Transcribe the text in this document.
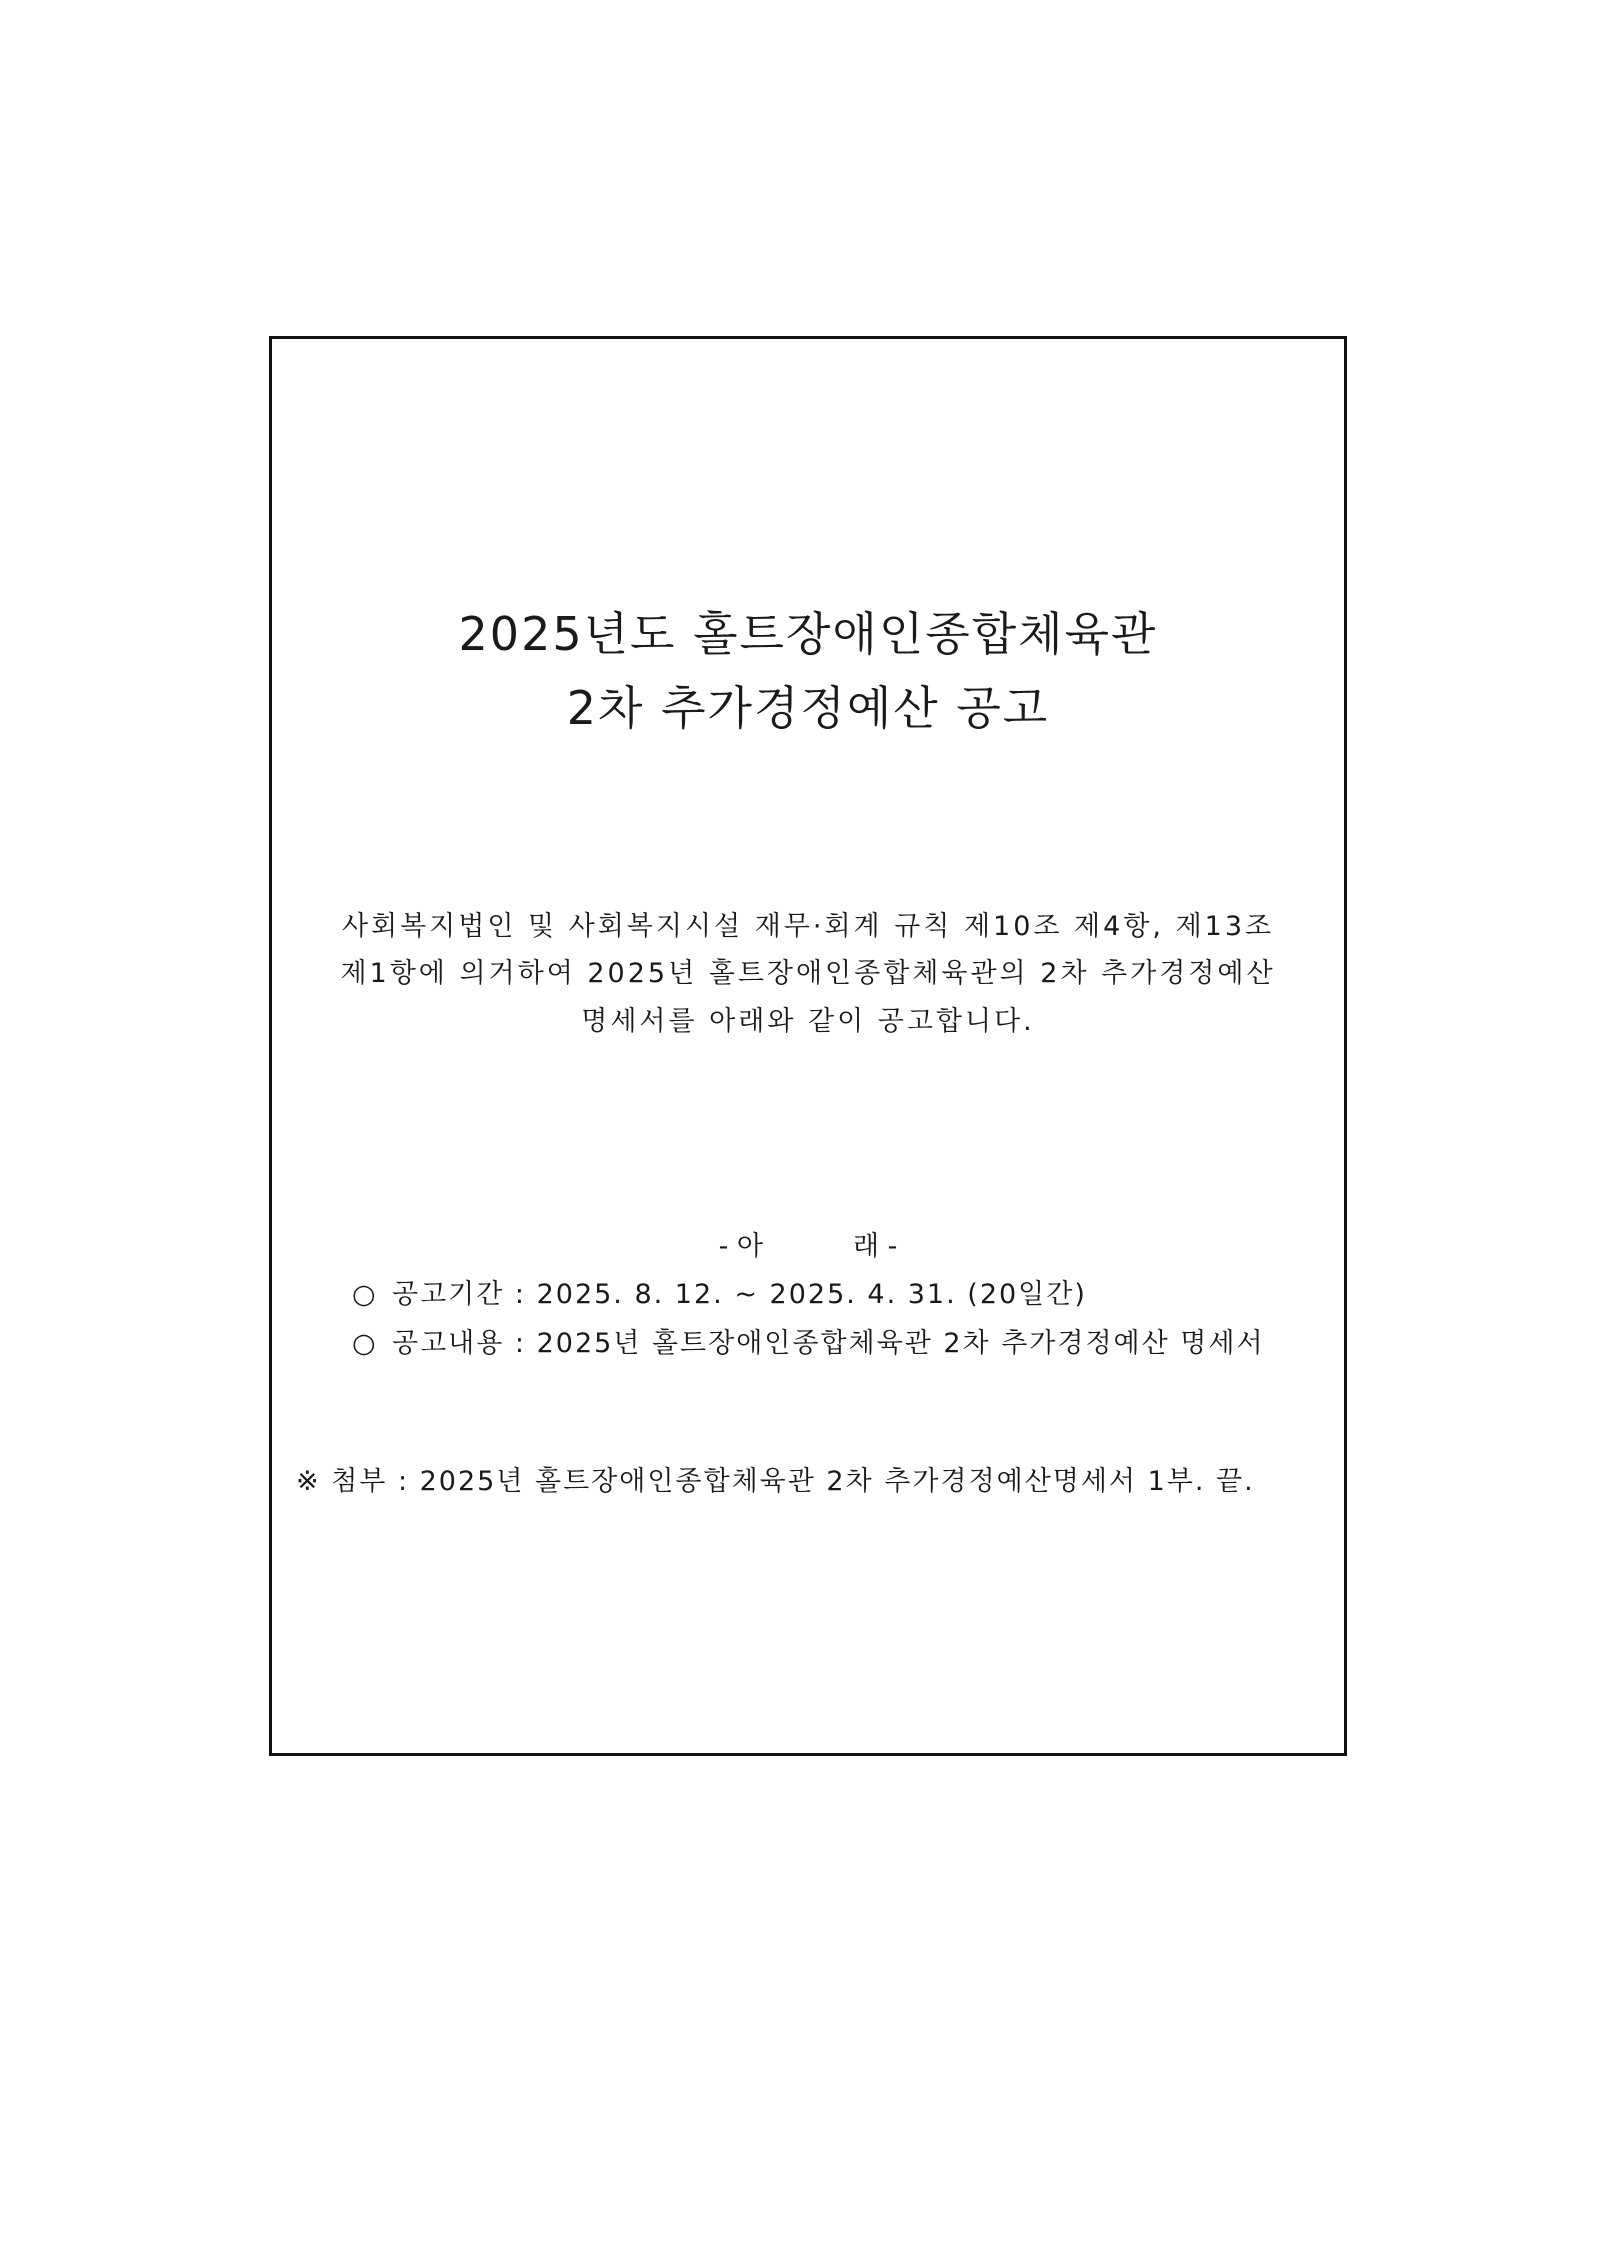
2025년도 홀트장애인종합체육관
2차 추가경정예산 공고
사회복지법인 및 사회복지시설 재무·회계 규칙 제10조 제4항, 제13조
제1항에 의거하여 2025년 홀트장애인종합체육관의 2차 추가경정예산
명세서를 아래와 같이 공고합니다.
- 아	래 -
○ 공고기간 : 2025. 8. 12. ~ 2025. 4. 31. (20일간)
○ 공고내용 : 2025년 홀트장애인종합체육관 2차 추가경정예산 명세서
※ 첨부 : 2025년 홀트장애인종합체육관 2차 추가경정예산명세서 1부. 끝.
